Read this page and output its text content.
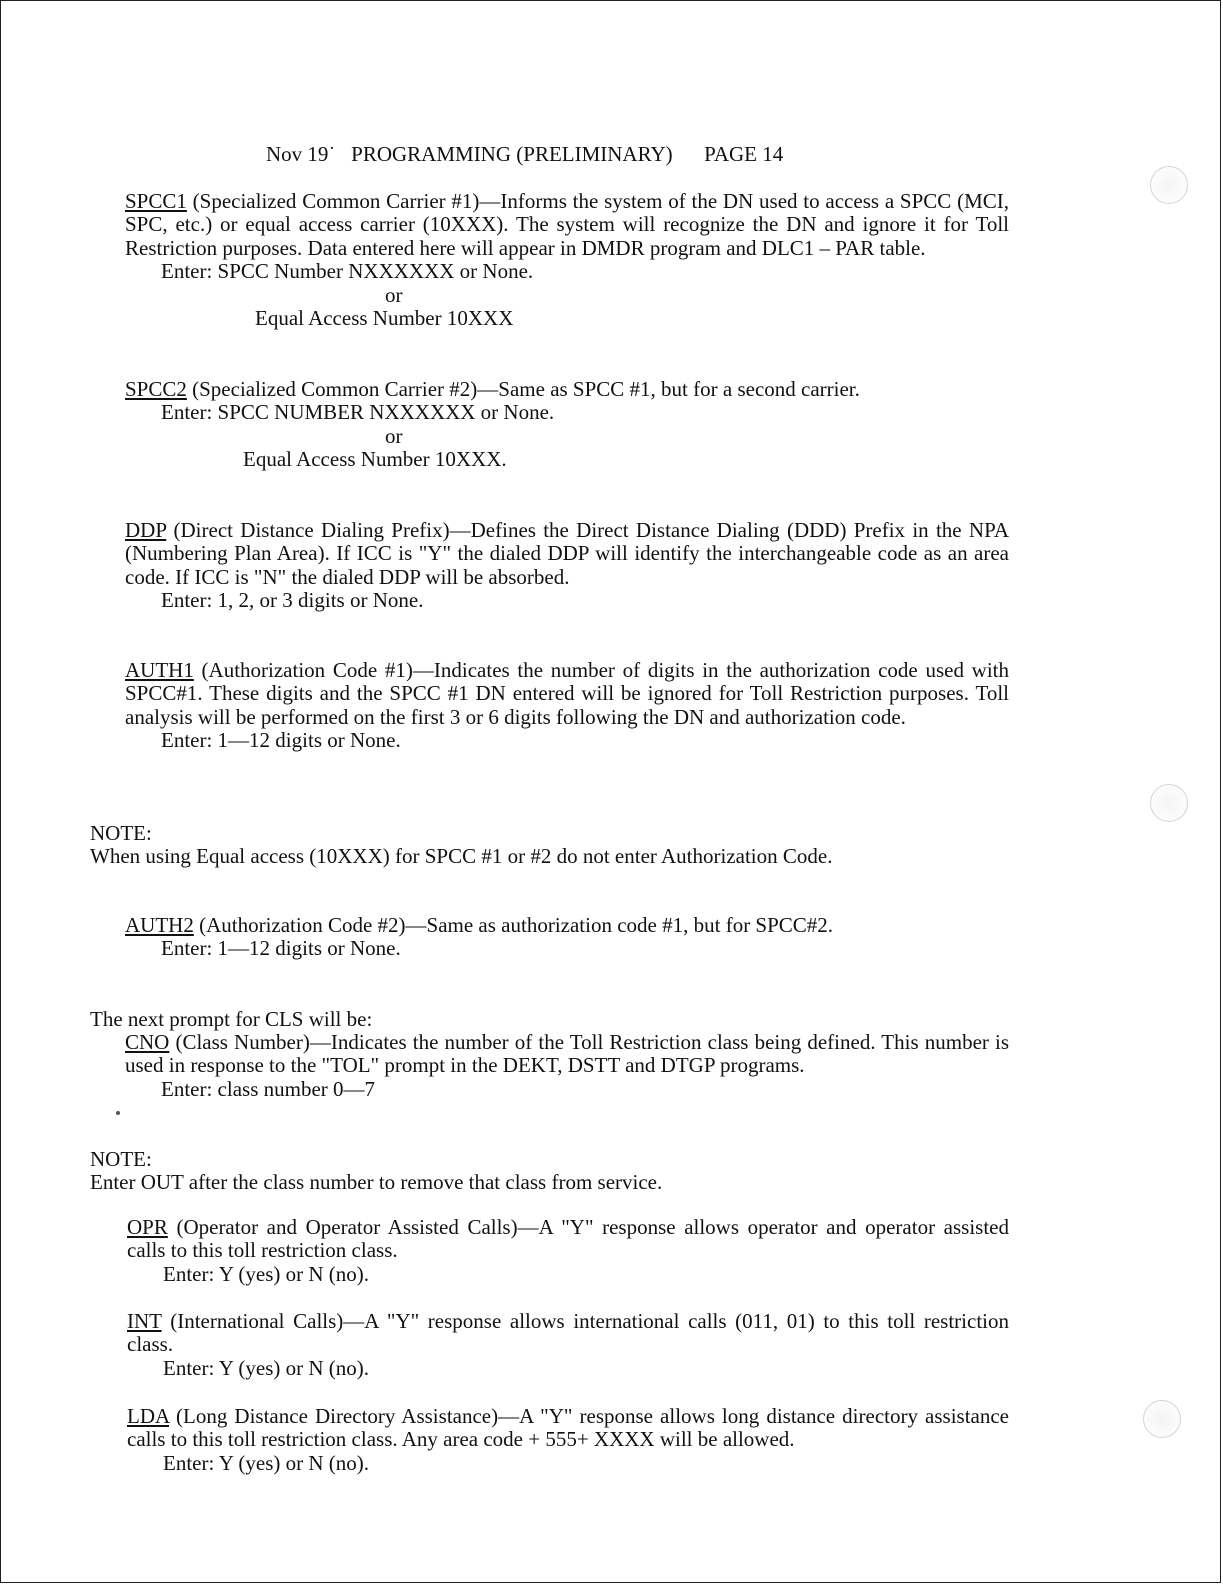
Nov 19˙   PROGRAMMING (PRELIMINARY)      PAGE 14

SPCC1 (Specialized Common Carrier #1)—Informs the system of the DN used to access a SPCC (MCI, SPC, etc.) or equal access carrier (10XXX). The system will recognize the DN and ignore it for Toll Restriction purposes. Data entered here will appear in DMDR program and DLC1 – PAR table.

Enter: SPCC Number NXXXXXX or None.

or

Equal Access Number 10XXX

SPCC2 (Specialized Common Carrier #2)—Same as SPCC #1, but for a second carrier.

Enter: SPCC NUMBER NXXXXXX or None.

or

Equal Access Number 10XXX.

DDP (Direct Distance Dialing Prefix)—Defines the Direct Distance Dialing (DDD) Prefix in the NPA (Numbering Plan Area). If ICC is "Y" the dialed DDP will identify the interchangeable code as an area code. If ICC is "N" the dialed DDP will be absorbed.

Enter: 1, 2, or 3 digits or None.

AUTH1 (Authorization Code #1)—Indicates the number of digits in the authorization code used with SPCC#1. These digits and the SPCC #1 DN entered will be ignored for Toll Restriction purposes. Toll analysis will be performed on the first 3 or 6 digits following the DN and authorization code.

Enter: 1—12 digits or None.

NOTE:

When using Equal access (10XXX) for SPCC #1 or #2 do not enter Authorization Code.

AUTH2 (Authorization Code #2)—Same as authorization code #1, but for SPCC#2.

Enter: 1—12 digits or None.

The next prompt for CLS will be:

CNO (Class Number)—Indicates the number of the Toll Restriction class being defined. This number is used in response to the "TOL" prompt in the DEKT, DSTT and DTGP programs.

Enter: class number 0—7

NOTE:

Enter OUT after the class number to remove that class from service.

OPR (Operator and Operator Assisted Calls)—A "Y" response allows operator and operator assisted calls to this toll restriction class.

Enter: Y (yes) or N (no).

INT (International Calls)—A "Y" response allows international calls (011, 01) to this toll restriction class.

Enter: Y (yes) or N (no).

LDA (Long Distance Directory Assistance)—A "Y" response allows long distance directory assistance calls to this toll restriction class. Any area code + 555+ XXXX will be allowed.

Enter: Y (yes) or N (no).
